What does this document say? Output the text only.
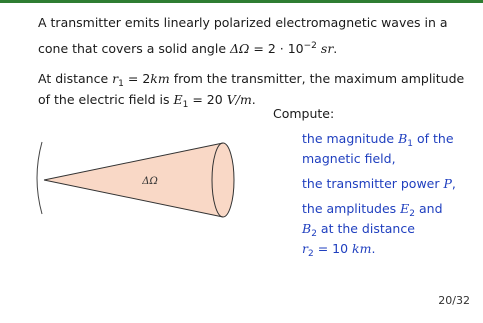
A transmitter emits linearly polarized electromagnetic waves in a
cone that covers a solid angle $\Delta\Omega = 2 \cdot 10^{-2}$ sr.
At distance $r_1 = 2km$ from the transmitter, the maximum amplitude
of the electric field is $E_1 = 20$ V/m.
Compute:
the magnitude $B_1$ of the
magnetic field,
the transmitter power P,
the amplitudes $E_2$ and
$B_2$ at the distance
$r_2 = 10$ km.
ΔΩ
20/32
